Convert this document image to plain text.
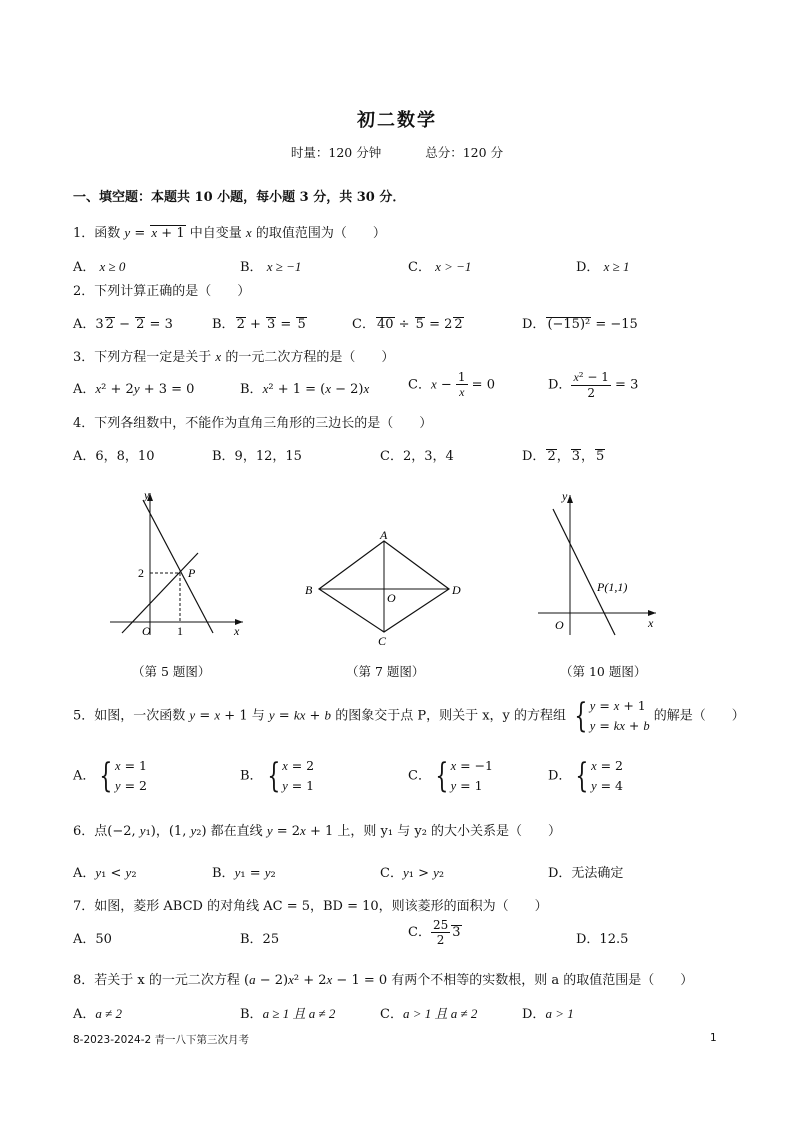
初二数学
时量：120 分钟	总分：120 分
一、填空题：本题共 10 小题，每小题 3 分，共 30 分．
1．函数 y = x + 1 中自变量 x 的取值范围为（　　）
A． x ≥ 0	B． x ≥ −1	C． x > −1	D． x ≥ 1
2．下列计算正确的是（　　）
A．3 2 − 2 = 3	B． 2 + 3 = 5	C． 40 ÷ 5 = 2 2	D． (−15)² = −15
3．下列方程一定是关于 x 的一元二次方程的是（　　）
A．x² + 2y + 3 = 0	B．x² + 1 = (x − 2)x	C．$x - \frac{1}{x} = 0$	D． $\frac{\text{x² − 1}}{2} = 3$
4．下列各组数中，不能作为直角三角形的三边长的是（　　）
A．6，8，10	B．9，12，15	C．2，3，4	D． 2， 3， 5
y
x
O
2
1
P
（第 5 题图）
A
B
C
D
O
（第 7 题图）
y
x
O
P(1,1)
（第 10 题图）
5．如图，一次函数 y = x + 1 与 y = kx + b 的图象交于点 P，则关于 x，y 的方程组 { y = x + 1
y = kx + b 的解是（　　）
A． { x = 1
y = 2
B． { x = 2
y = 1
C． { x = −1
y = 1
D． { x = 2
y = 4
6．点(−2, y₁)，(1, y₂) 都在直线 y = 2x + 1 上，则 y₁ 与 y₂ 的大小关系是（　　）
A．y₁ < y₂	B．y₁ = y₂	C．y₁ > y₂	D．无法确定
7．如图，菱形 ABCD 的对角线 AC = 5，BD = 10，则该菱形的面积为（　　）
A．50	B．25	C． $\frac{25}{2} 3$	D．12.5
8．若关于 x 的一元二次方程 (a − 2)x² + 2x − 1 = 0 有两个不相等的实数根，则 a 的取值范围是（　　）
A．a ≠ 2	B．a ≥ 1 且 a ≠ 2	C．a > 1 且 a ≠ 2	D．a > 1
8-2023-2024-2 青一八下第三次月考	1
